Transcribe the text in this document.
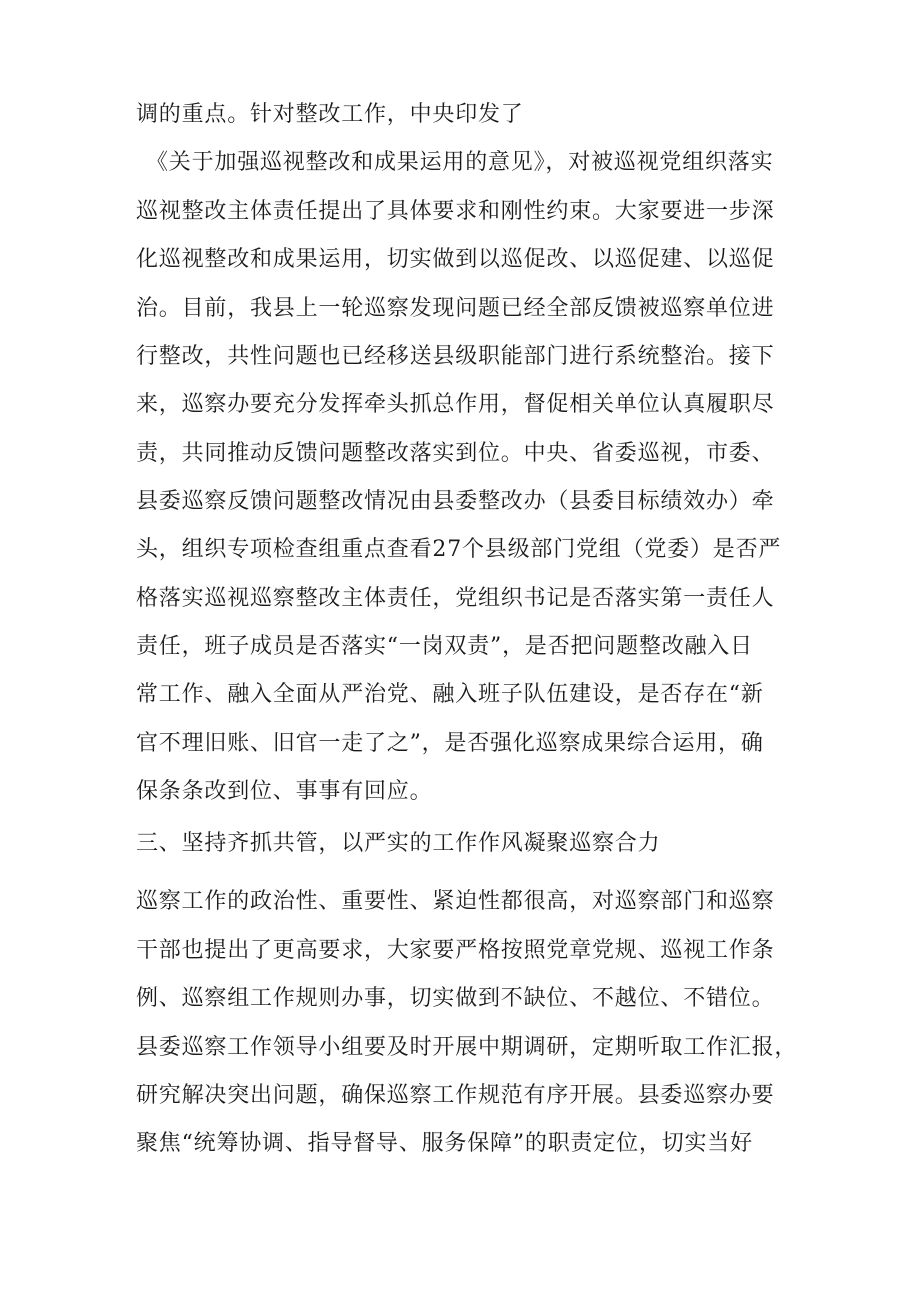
调的重点。针对整改工作，中央印发了
《关于加强巡视整改和成果运用的意见》，对被巡视党组织落实
巡视整改主体责任提出了具体要求和刚性约束。大家要进一步深
化巡视整改和成果运用，切实做到以巡促改、以巡促建、以巡促
治。目前，我县上一轮巡察发现问题已经全部反馈被巡察单位进
行整改，共性问题也已经移送县级职能部门进行系统整治。接下
来，巡察办要充分发挥牵头抓总作用，督促相关单位认真履职尽
责，共同推动反馈问题整改落实到位。中央、省委巡视，市委、
县委巡察反馈问题整改情况由县委整改办（县委目标绩效办）牵
头，组织专项检查组重点查看27个县级部门党组（党委）是否严
格落实巡视巡察整改主体责任，党组织书记是否落实第一责任人
责任，班子成员是否落实“一岗双责”，是否把问题整改融入日
常工作、融入全面从严治党、融入班子队伍建设，是否存在“新
官不理旧账、旧官一走了之”，是否强化巡察成果综合运用，确
保条条改到位、事事有回应。
三、坚持齐抓共管，以严实的工作作风凝聚巡察合力
巡察工作的政治性、重要性、紧迫性都很高，对巡察部门和巡察
干部也提出了更高要求，大家要严格按照党章党规、巡视工作条
例、巡察组工作规则办事，切实做到不缺位、不越位、不错位。
县委巡察工作领导小组要及时开展中期调研，定期听取工作汇报，
研究解决突出问题，确保巡察工作规范有序开展。县委巡察办要
聚焦“统筹协调、指导督导、服务保障”的职责定位，切实当好
